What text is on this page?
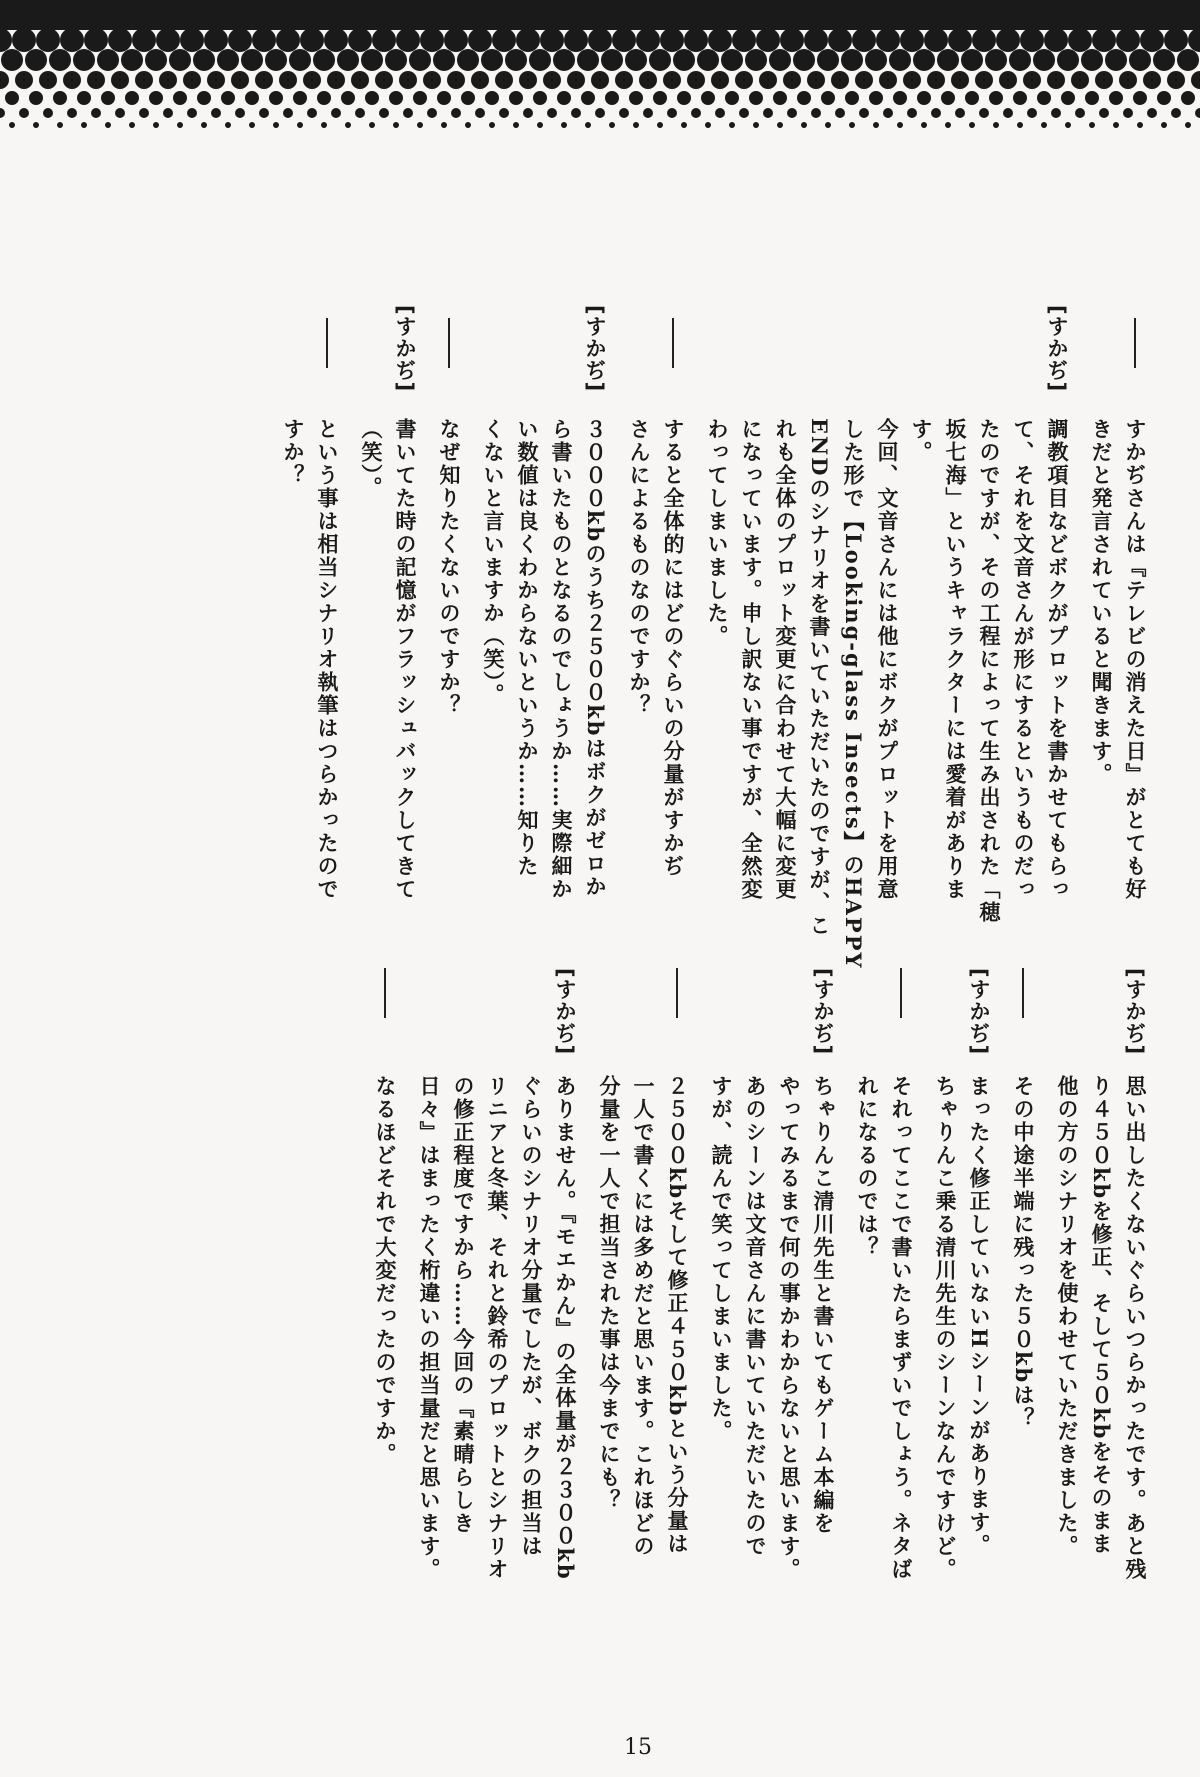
すかぢさんは『テレビの消えた日』がとても好
きだと発言されていると聞きます。
[すかぢ]
調教項目などボクがプロットを書かせてもらっ
て、それを文音さんが形にするというものだっ
たのですが、その工程によって生み出された「穂
坂七海」というキャラクターには愛着がありま
す。
今回、文音さんには他にボクがプロットを用意
した形で【Looking-glass Insects】のHAPPY
ENDのシナリオを書いていただいたのですが、こ
れも全体のプロット変更に合わせて大幅に変更
になっています。申し訳ない事ですが、全然変
わってしまいました。
すると全体的にはどのぐらいの分量がすかぢ
さんによるものなのですか？
[すかぢ]
３０００kbのうち２５００kbはボクがゼロか
ら書いたものとなるのでしょうか……実際細か
い数値は良くわからないというか……知りた
くないと言いますか（笑）。
なぜ知りたくないのですか？
[すかぢ]
書いてた時の記憶がフラッシュバックしてきて
（笑）。
という事は相当シナリオ執筆はつらかったので
すか？
[すかぢ]
思い出したくないぐらいつらかったです。あと残
り４５０kbを修正、そして５０kbをそのまま
他の方のシナリオを使わせていただきました。
その中途半端に残った５０kbは？
[すかぢ]
まったく修正していないHシーンがあります。
ちゃりんこ乗る清川先生のシーンなんですけど。
それってここで書いたらまずいでしょう。ネタば
れになるのでは？
[すかぢ]
ちゃりんこ清川先生と書いてもゲーム本編を
やってみるまで何の事かわからないと思います。
あのシーンは文音さんに書いていただいたので
すが、読んで笑ってしまいました。
２５００kbそして修正４５０kbという分量は
一人で書くには多めだと思います。これほどの
分量を一人で担当された事は今までにも？
[すかぢ]
ありません。『モエかん』の全体量が２３００kb
ぐらいのシナリオ分量でしたが、ボクの担当は
リニアと冬葉、それと鈴希のプロットとシナリオ
の修正程度ですから……今回の『素晴らしき
日々』はまったく桁違いの担当量だと思います。
なるほどそれで大変だったのですか。
15
